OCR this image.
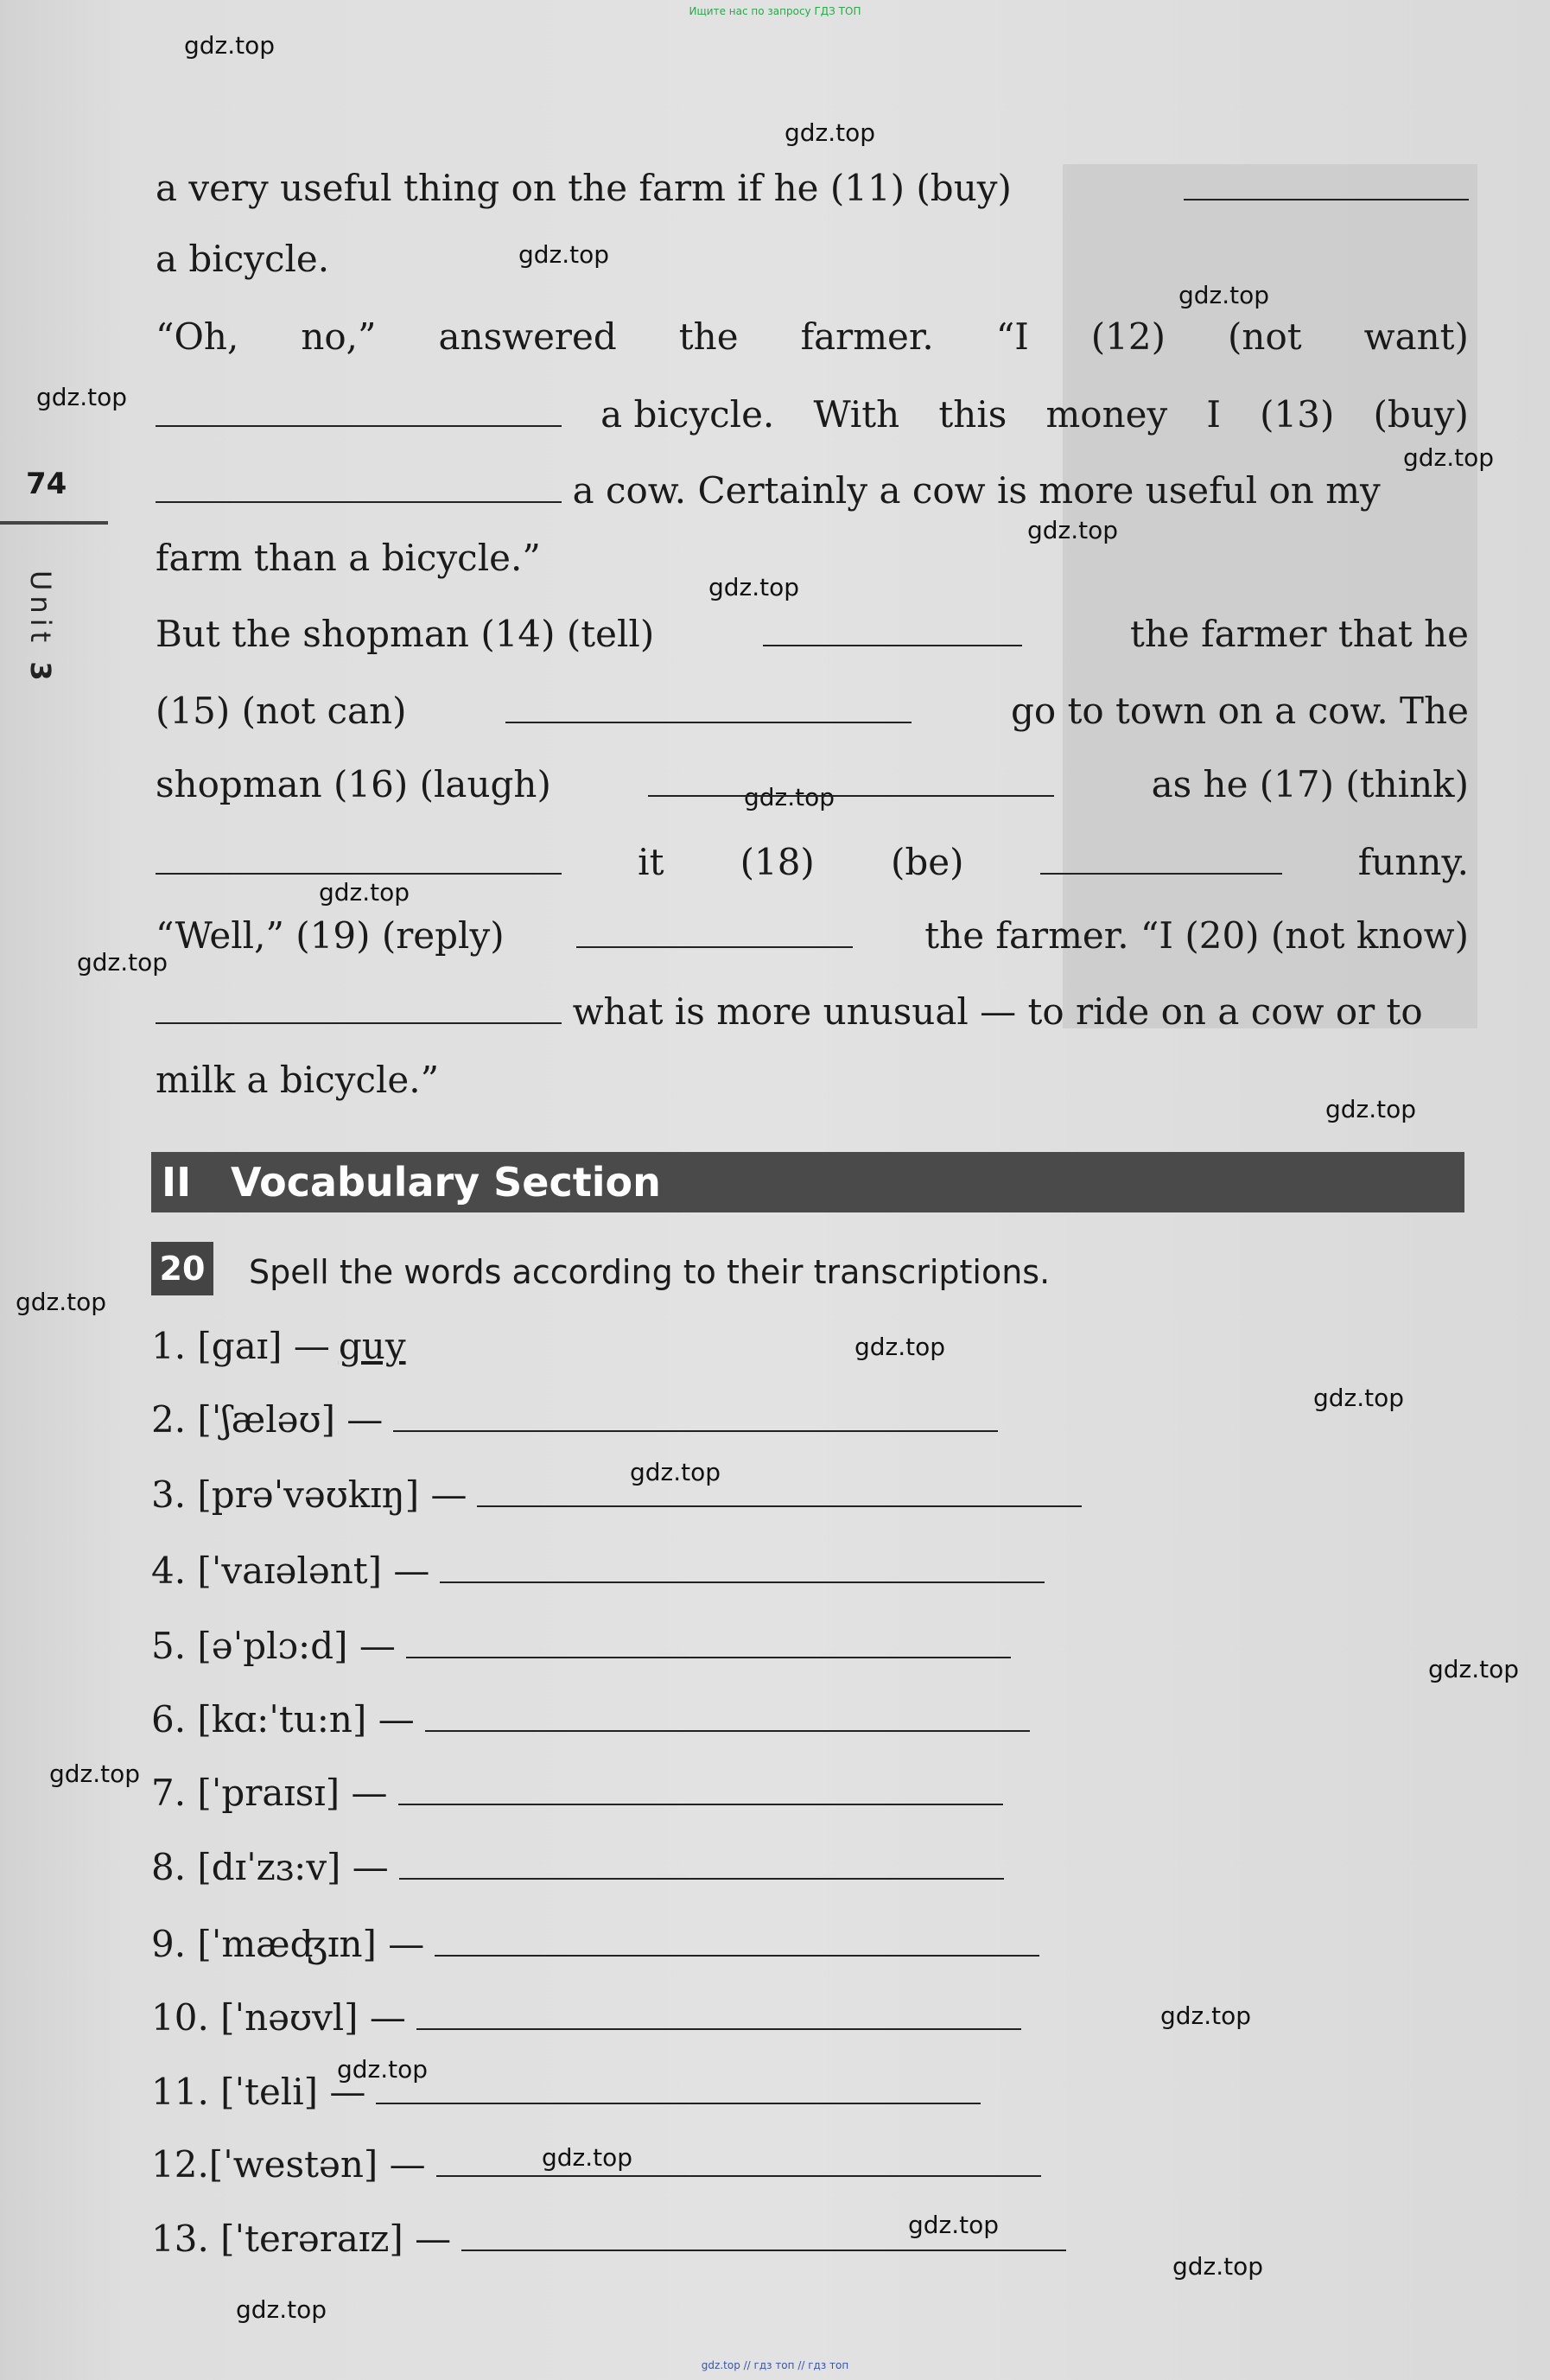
Ищите нас по запросу ГДЗ ТОП
gdz.top
gdz.top
gdz.top
gdz.top
gdz.top
gdz.top
gdz.top
gdz.top
gdz.top
gdz.top
gdz.top
gdz.top
gdz.top
gdz.top
gdz.top
gdz.top
gdz.top
gdz.top
gdz.top
gdz.top
gdz.top
gdz.top
gdz.top
gdz.top
74
Unit 3
a very useful thing on the farm if he (11) (buy)
a bicycle.
“Oh, no,” answered the farmer. “I (12) (not want)
a bicycle. With this money I (13) (buy)
a cow. Certainly a cow is more useful on my
farm than a bicycle.”
But the shopman (14) (tell)	the farmer that he
(15) (not can)	go to town on a cow. The
shopman (16) (laugh)	as he (17) (think)
it (18) (be)	funny.
“Well,” (19) (reply)	the farmer. “I (20) (not know)
what is more unusual — to ride on a cow or to
milk a bicycle.”
II Vocabulary Section
20 Spell the words according to their transcriptions.
1. [gaɪ] — guy
2. [ˈʃæləʊ] —
3. [prəˈvəʊkɪŋ] —
4. [ˈvaɪələnt] —
5. [əˈplɔ:d] —
6. [kɑ:ˈtu:n] —
7. [ˈpraɪsɪ] —
8. [dɪˈzɜ:v] —
9. [ˈmæʤɪn] —
10. [ˈnəʊvl] —
11. [ˈteli] —
12.[ˈwestən] —
13. [ˈterəraɪz] —
gdz.top // гдз топ // гдз топ
